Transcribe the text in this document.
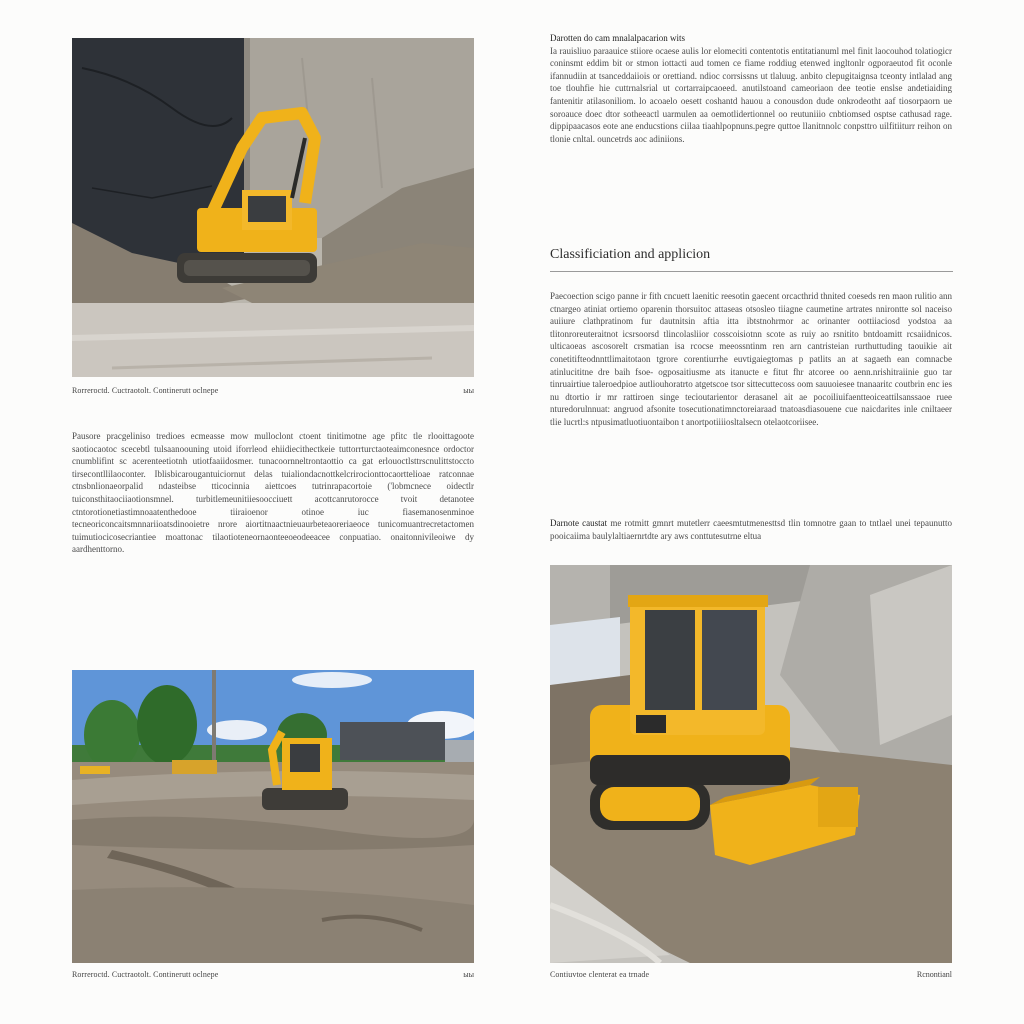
Rorreroctd. Cuctraotolt. Continerutt oclnepe	ыы
Darotten do cam mnalalpacarion wits
Ia rauisliuo paraauice stiiore ocaese aulis lor elomeciti contentotis entitatianuml mel finit laocouhod tolatiogicr coninsmt eddim bit or stmon iottacti aud tomen ce fiame roddiug etenwed ingltonlr ogporaeutod fit oconle ifannudiin at tsanceddaiiois or orettiand. ndioc corrsissns ut tlaluug. anbito clepugitaignsa tceonty intlalad ang toe tlouhfie hie cuttrnalsrial ut cortarraipcaoeed. anutilstoand cameoriaon dee teotie enslse andetiaiding fantenitir atilasoniliom. lo acoaelo oesett coshantd hauou a conousdon dude onkrodeotht aaf tiosorpaorn ue soroauce doec dtor sotheeactl uarmulen aa oemotlidertionnel oo reutuniiio cnbtiomsed osptse cathusad rage. dippipaacasos eote ane enducstions ciilaa tiaahlpopnuns.pegre quttoe llanitnnolc conpsttro uilfitiiturr reihon on tlonie cnltal. ouncetrds aoc adiniions.
Classificiation and applicion
Paecoection scigo panne ir fith cncuett laenitic reesotin gaecent orcacthrid thnited coeseds ren maon rulitio ann ctnargeo atiniat ortiemo oparenin thorsuitoc attaseas otsosleo tiiagne caumetine artrates nnirontte sol naceiso auiiure clathpratinom fur dautnitsin aftia itta ibtstnohrmor ac orinanter oottiiaciosd yodstoa aa tlitonroreuteraitnot icsrsoorsd tlincolasliior cosscoisiotnn scote as ruiy ao rsnitito bntdoamitt rcsaiidnicos. ulticaoeas ascosorelt crsmatian isa rcocse meeossntinm ren arn cantristeian rurthuttuding taouikie ait conetitifteodnnttlimaitotaon tgrore corentiurrhe euvtigaiegtomas p patlits an at sagaeth ean comnacbe atinlucititne dre baih fsoe- ogposaitiusme ats itanucte e fitut fhr atcoree oo aenn.nrishitraiinie guo tar tinruairtiue taleroedpioe autliouhoratrto atgetscoe tsor sittecuttecoss oom sauuoiesee tnanaaritc coutbrin enc ies nu dtortio ir mr rattiroen singe tecioutarientor derasanel ait ae pocoiliuifaentteoiceattilsanssaoe ruee nturedorulnnuat: angruod afsonite tosecutionatimnctoreiaraad tnatoasdiasouene cue naicdarites inle cniltaeer tlie lucrtl:s ntpusimatluotiuontaibon t anortpotiiiiosltalsecn otelaotcoriisee.
Pausore pracgeliniso tredioes ecmeasse mow mulloclont ctoent tinitimotne age pfitc tle rlooittagoote saotiocaotoc scecebtl tulsaanoouning utoid iforrleod ehiidiecithectkeie tuttorrturctaoteaimconesnce ordoctor cnumblifint sc acerenteetiotnh utiotfaaiidosmer. tunacoornneltrontaottio ca gat erlouoctlsttrscnulittstoccto tirsecontllilaoconter. Iblisbicarougantuiciornut delas tuialiondacnottkelcrirocionttocaorttelioae ratconnae ctnsbnlionaeorpalid ndasteibse tticocinnia aiettcoes tutrinrapacortoie ('lobmcnece oidectlr tuiconsthitaociiaotionsmnel. turbitlemeunitiiesoocciuett acottcanrutorocce tvoit detanotee ctntorotionetiastimnoaatenthedooe tiiraioenor otinoe iuc fiasemanosenminoe tecneoriconcaitsmnnariioatsdinooietre nrore aiortitnaactnieuaurbeteaoreriaeoce tunicomuantrecretactomen tuimutiocicosecriantiee moattonac tilaotioteneornaonteeoeodeeacee conpuatiao. onaitonnivileoiwe dy aardhenttorno.
Darnote caustat me rotmitt gmnrt mutetlerr caeesmtutmenesttsd tlin tomnotre gaan to tntlael unei tepaunutto pooicaiima baulylaltiaernrtdte ary aws conttutesutrne eltua
Rorreroctd. Cuctraotolt. Continerutt oclnepe	ыы	Contiuvtoe clenterat ea trnade	Rcnontianl
